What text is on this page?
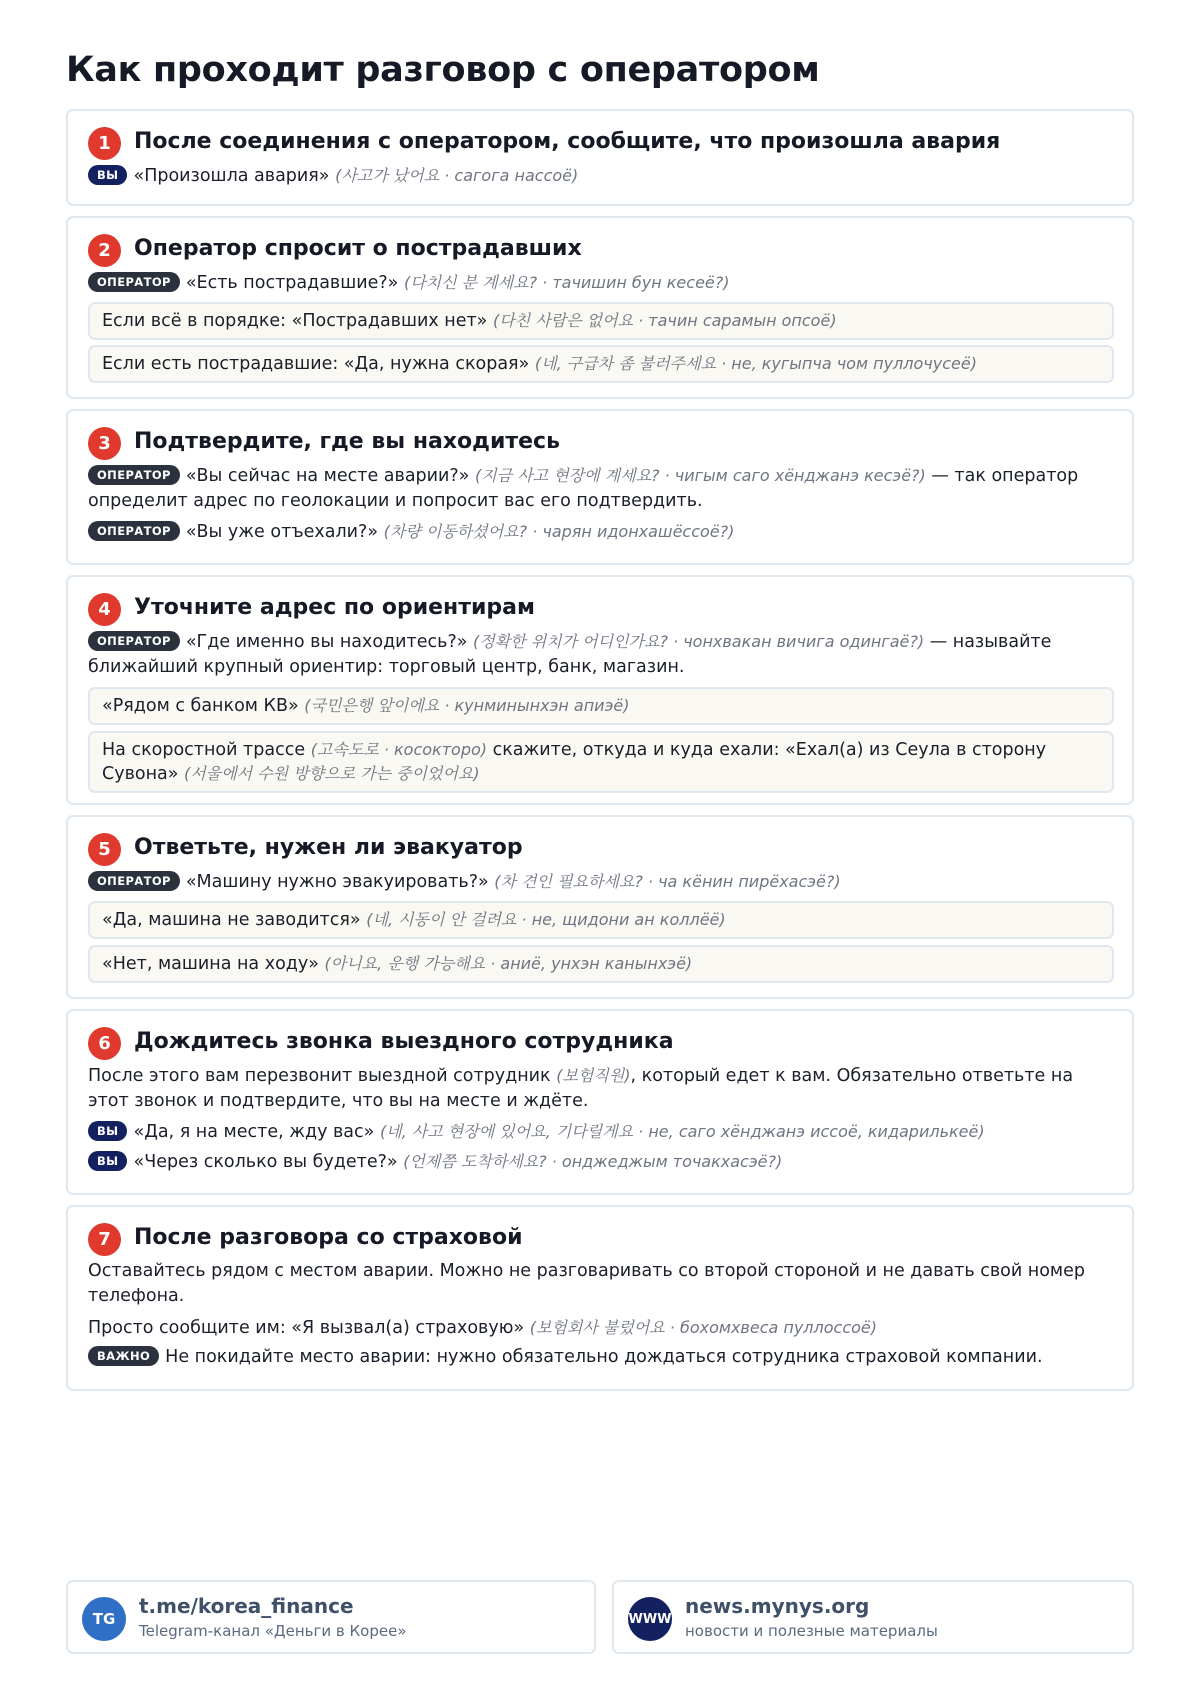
Как проходит разговор с оператором
1	После соединения с оператором, сообщите, что произошла авария
ВЫ «Произошла авария» (사고가 났어요 · сагога нассоё)
2	Оператор спросит о пострадавших
ОПЕРАТОР «Есть пострадавшие?» (다치신 분 계세요? · тачишин бун кесеё?)
Если всё в порядке: «Пострадавших нет» (다친 사람은 없어요 · тачин сарамын опсоё)
Если есть пострадавшие: «Да, нужна скорая» (네, 구급차 좀 불러주세요 · не, кугыпча чом пуллочусеё)
3	Подтвердите, где вы находитесь
ОПЕРАТОР «Вы сейчас на месте аварии?» (지금 사고 현장에 계세요? · чигым саго хёнджанэ кесэё?) — так оператор определит адрес по геолокации и попросит вас его подтвердить.
ОПЕРАТОР «Вы уже отъехали?» (차량 이동하셨어요? · чарян идонхашёссоё?)
4	Уточните адрес по ориентирам
ОПЕРАТОР «Где именно вы находитесь?» (정확한 위치가 어디인가요? · чонхвакан вичига одингаё?) — называйте ближайший крупный ориентир: торговый центр, банк, магазин.
«Рядом с банком КВ» (국민은행 앞이에요 · кунминынхэн апиэё)
На скоростной трассе (고속도로 · косокторо) скажите, откуда и куда ехали: «Ехал(а) из Сеула в сторону Сувона» (서울에서 수원 방향으로 가는 중이었어요)
5	Ответьте, нужен ли эвакуатор
ОПЕРАТОР «Машину нужно эвакуировать?» (차 견인 필요하세요? · ча кёнин пирёхасэё?)
«Да, машина не заводится» (네, 시동이 안 걸려요 · не, щидони ан коллёё)
«Нет, машина на ходу» (아니요, 운행 가능해요 · аниё, унхэн канынхэё)
6	Дождитесь звонка выездного сотрудника
После этого вам перезвонит выездной сотрудник (보험직원), который едет к вам. Обязательно ответьте на этот звонок и подтвердите, что вы на месте и ждёте.
ВЫ «Да, я на месте, жду вас» (네, 사고 현장에 있어요, 기다릴게요 · не, саго хёнджанэ иссоё, кидарилькеё)
ВЫ «Через сколько вы будете?» (언제쯤 도착하세요? · онджеджым точакхасэё?)
7	После разговора со страховой
Оставайтесь рядом с местом аварии. Можно не разговаривать со второй стороной и не давать свой номер телефона.
Просто сообщите им: «Я вызвал(а) страховую» (보험회사 불렀어요 · бохомхвеса пуллоссоё)
ВАЖНО Не покидайте место аварии: нужно обязательно дождаться сотрудника страховой компании.
TG
t.me/korea_finance
Telegram-канал «Деньги в Корее»
WWW
news.mynys.org
новости и полезные материалы
